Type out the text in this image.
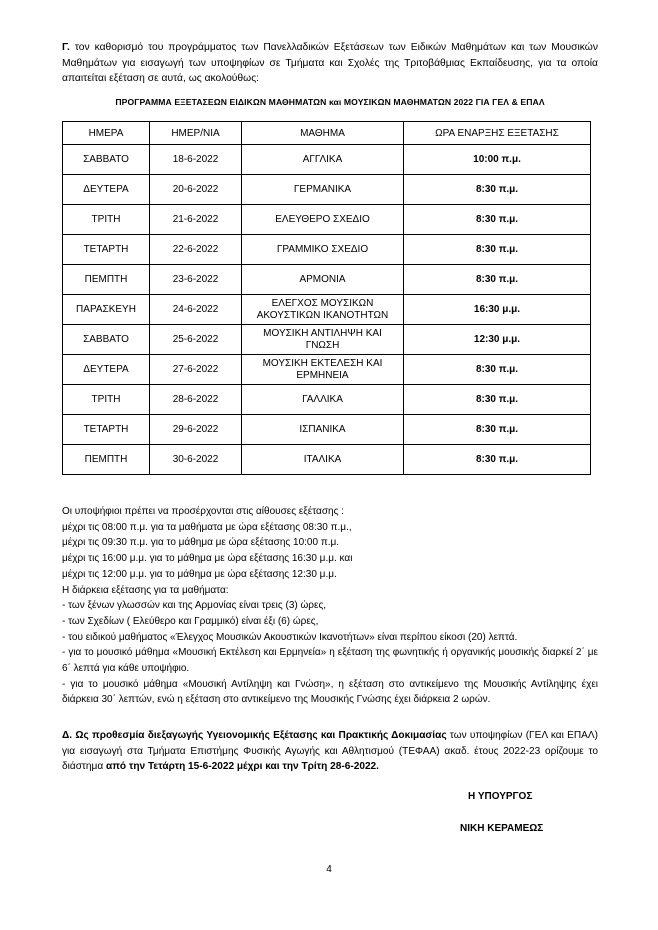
Γ. τον καθορισμό του προγράμματος των Πανελλαδικών Εξετάσεων των Ειδικών Μαθημάτων και των Μουσικών Μαθημάτων για εισαγωγή των υποψηφίων σε Τμήματα και Σχολές της Τριτοβάθμιας Εκπαίδευσης, για τα οποία απαιτείται εξέταση σε αυτά, ως ακολούθως:
ΠΡΟΓΡΑΜΜΑ ΕΞΕΤΑΣΕΩΝ ΕΙΔΙΚΩΝ ΜΑΘΗΜΑΤΩΝ και ΜΟΥΣΙΚΩΝ ΜΑΘΗΜΑΤΩΝ 2022 ΓΙΑ ΓΕΛ & ΕΠΑΛ
ΗΜΕΡΑ	ΗΜΕΡ/ΝΙΑ	ΜΑΘΗΜΑ	ΩΡΑ ΕΝΑΡΞΗΣ ΕΞΕΤΑΣΗΣ
ΣΑΒΒΑΤΟ	18-6-2022	ΑΓΓΛΙΚΑ	10:00 π.μ.
ΔΕΥΤΕΡΑ	20-6-2022	ΓΕΡΜΑΝΙΚΑ	8:30 π.μ.
ΤΡΙΤΗ	21-6-2022	ΕΛΕΥΘΕΡΟ ΣΧΕΔΙΟ	8:30 π.μ.
ΤΕΤΑΡΤΗ	22-6-2022	ΓΡΑΜΜΙΚΟ ΣΧΕΔΙΟ	8:30 π.μ.
ΠΕΜΠΤΗ	23-6-2022	ΑΡΜΟΝΙΑ	8:30 π.μ.
ΠΑΡΑΣΚΕΥΗ	24-6-2022	ΕΛΕΓΧΟΣ ΜΟΥΣΙΚΩΝ ΑΚΟΥΣΤΙΚΩΝ ΙΚΑΝΟΤΗΤΩΝ	16:30 μ.μ.
ΣΑΒΒΑΤΟ	25-6-2022	ΜΟΥΣΙΚΗ ΑΝΤΙΛΗΨΗ ΚΑΙ ΓΝΩΣΗ	12:30 μ.μ.
ΔΕΥΤΕΡΑ	27-6-2022	ΜΟΥΣΙΚΗ ΕΚΤΕΛΕΣΗ ΚΑΙ ΕΡΜΗΝΕΙΑ	8:30 π.μ.
ΤΡΙΤΗ	28-6-2022	ΓΑΛΛΙΚΑ	8:30 π.μ.
ΤΕΤΑΡΤΗ	29-6-2022	ΙΣΠΑΝΙΚΑ	8:30 π.μ.
ΠΕΜΠΤΗ	30-6-2022	ΙΤΑΛΙΚΑ	8:30 π.μ.

Οι υποψήφιοι πρέπει να προσέρχονται στις αίθουσες εξέτασης :

μέχρι τις 08:00 π.μ. για τα μαθήματα με ώρα εξέτασης 08:30 π.μ.,

μέχρι τις 09:30 π.μ. για το μάθημα με ώρα εξέτασης 10:00 π.μ.

μέχρι τις 16:00 μ.μ. για το μάθημα με ώρα εξέτασης 16:30 μ.μ. και

μέχρι τις 12:00 μ.μ. για το μάθημα με ώρα εξέτασης 12:30 μ.μ.

Η διάρκεια εξέτασης για τα μαθήματα:

- των ξένων γλωσσών και της Αρμονίας είναι τρεις (3) ώρες,

- των Σχεδίων ( Ελεύθερο και Γραμμικό) είναι έξι (6) ώρες,

- του ειδικού μαθήματος «Έλεγχος Μουσικών Ακουστικών Ικανοτήτων» είναι περίπου είκοσι (20) λεπτά.

- για το μουσικό μάθημα «Μουσική Εκτέλεση και Ερμηνεία» η εξέταση της φωνητικής ή οργανικής μουσικής διαρκεί 2΄ με 6΄ λεπτά για κάθε υποψήφιο.

- για το μουσικό μάθημα «Μουσική Αντίληψη και Γνώση», η εξέταση στο αντικείμενο της Μουσικής Αντίληψης έχει διάρκεια 30΄ λεπτών, ενώ η εξέταση στο αντικείμενο της Μουσικής Γνώσης έχει διάρκεια 2 ωρών.

Δ. Ως προθεσμία διεξαγωγής Υγειονομικής Εξέτασης και Πρακτικής Δοκιμασίας των υποψηφίων (ΓΕΛ και ΕΠΑΛ) για εισαγωγή στα Τμήματα Επιστήμης Φυσικής Αγωγής και Αθλητισμού (ΤΕΦΑΑ) ακαδ. έτους 2022-23 ορίζουμε το διάστημα από την Τετάρτη 15-6-2022 μέχρι και την Τρίτη 28-6-2022.
Η ΥΠΟΥΡΓΟΣ
ΝΙΚΗ ΚΕΡΑΜΕΩΣ
4
